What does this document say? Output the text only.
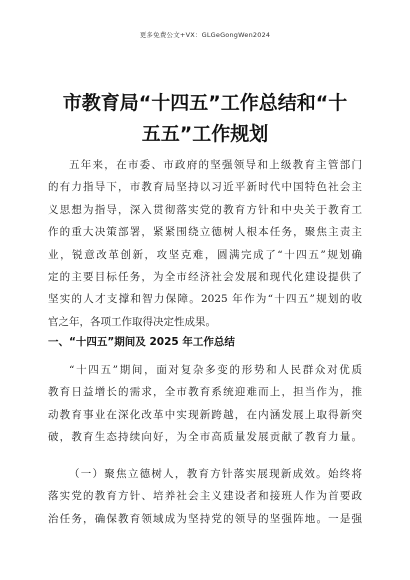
更多免费公文+VX：GLGeGongWen2024
市教育局“十四五”工作总结和“十
五五”工作规划
五年来，在市委、市政府的坚强领导和上级教育主管部门
的有力指导下，市教育局坚持以习近平新时代中国特色社会主
义思想为指导，深入贯彻落实党的教育方针和中央关于教育工
作的重大决策部署，紧紧围绕立德树人根本任务，聚焦主责主
业，锐意改革创新，攻坚克难，圆满完成了“十四五”规划确
定的主要目标任务，为全市经济社会发展和现代化建设提供了
坚实的人才支撑和智力保障。2025 年作为“十四五”规划的收
官之年，各项工作取得决定性成果。
一、“十四五”期间及 2025 年工作总结
“十四五”期间，面对复杂多变的形势和人民群众对优质
教育日益增长的需求，全市教育系统迎难而上，担当作为，推
动教育事业在深化改革中实现新跨越，在内涵发展上取得新突
破，教育生态持续向好，为全市高质量发展贡献了教育力量。
（一）聚焦立德树人，教育方针落实展现新成效。始终将
落实党的教育方针、培养社会主义建设者和接班人作为首要政
治任务，确保教育领域成为坚持党的领导的坚强阵地。一是强
